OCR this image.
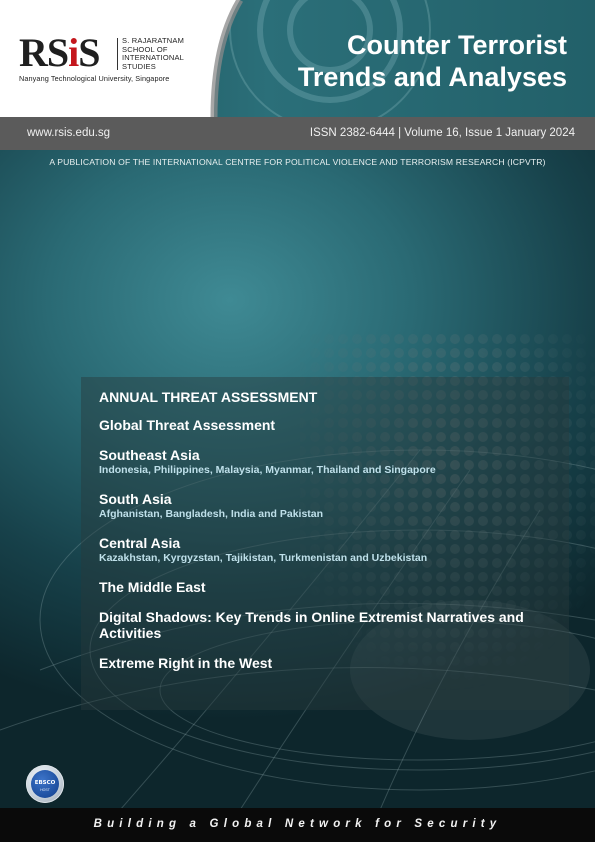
RSiS	S. RAJARATNAM
SCHOOL OF
INTERNATIONAL
STUDIES
Nanyang Technological University, Singapore
Counter Terrorist
Trends and Analyses
www.rsis.edu.sg	ISSN 2382-6444 | Volume 16, Issue 1 January 2024
A PUBLICATION OF THE INTERNATIONAL CENTRE FOR POLITICAL VIOLENCE AND TERRORISM RESEARCH (ICPVTR)
ANNUAL THREAT ASSESSMENT
Global Threat Assessment
Southeast Asia
Indonesia, Philippines, Malaysia, Myanmar, Thailand and Singapore
South Asia
Afghanistan, Bangladesh, India and Pakistan
Central Asia
Kazakhstan, Kyrgyzstan, Tajikistan, Turkmenistan and Uzbekistan
The Middle East
Digital Shadows: Key Trends in Online Extremist Narratives and Activities
Extreme Right in the West
EBSCO
HOST
Building a Global Network for Security
